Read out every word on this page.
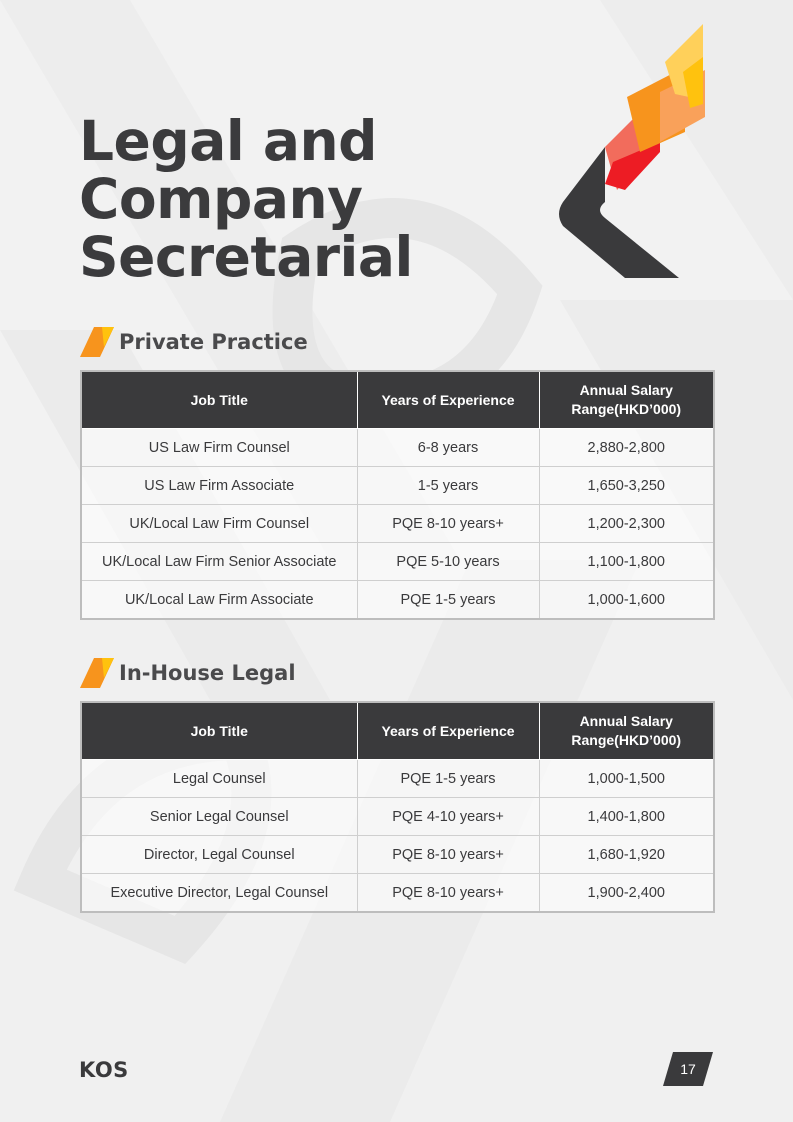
Legal and
Company
Secretarial
Private Practice
Job Title	Years of Experience	Annual Salary Range(HKD’000)
US Law Firm Counsel	6-8 years	2,880-2,800
US Law Firm Associate	1-5 years	1,650-3,250
UK/Local Law Firm Counsel	PQE 8-10 years+	1,200-2,300
UK/Local Law Firm Senior Associate	PQE 5-10 years	1,100-1,800
UK/Local Law Firm Associate	PQE 1-5 years	1,000-1,600
In-House Legal
Job Title	Years of Experience	Annual Salary Range(HKD’000)
Legal Counsel	PQE 1-5 years	1,000-1,500
Senior Legal Counsel	PQE 4-10 years+	1,400-1,800
Director, Legal Counsel	PQE 8-10 years+	1,680-1,920
Executive Director, Legal Counsel	PQE 8-10 years+	1,900-2,400
KOS	17
